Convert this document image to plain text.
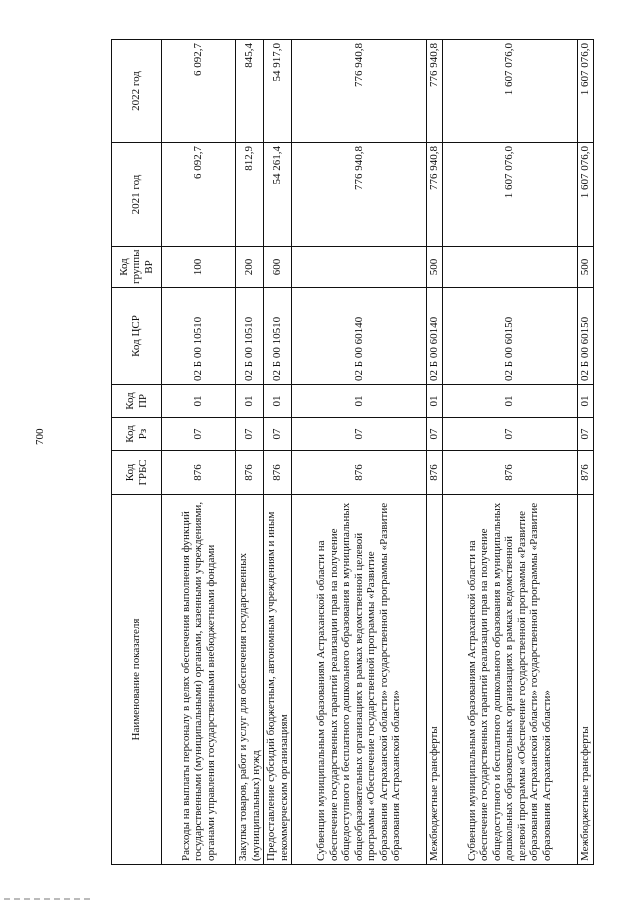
700
Наименование показателя	Код ГРБС	Код Рз	Код ПР	Код ЦСР	Код группы ВР	2021 год	2022 год
Расходы на выплаты персоналу в целях обеспечения выполнения функций государственными (муниципальными) органами, казенными учреждениями, органами управления государственными внебюджетными фондами	876	07	01	02 Б 00 10510	100	6 092,7	6 092,7
Закупка товаров, работ и услуг для обеспечения государственных (муниципальных) нужд	876	07	01	02 Б 00 10510	200	812,9	845,4
Предоставление субсидий бюджетным, автономным учреждениям и иным некоммерческим организациям	876	07	01	02 Б 00 10510	600	54 261,4	54 917,0
Субвенции муниципальным образованиям Астраханской области на обеспечение государственных гарантий реализации прав на получение общедоступного и бесплатного дошкольного образования в муниципальных общеобразовательных организациях в рамках ведомственной целевой программы «Обеспечение государственной программы «Развитие образования Астраханской области» государственной программы «Развитие образования Астраханской области»	876	07	01	02 Б 00 60140		776 940,8	776 940,8
Межбюджетные трансферты	876	07	01	02 Б 00 60140	500	776 940,8	776 940,8
Субвенции муниципальным образованиям Астраханской области на обеспечение государственных гарантий реализации прав на получение общедоступного и бесплатного дошкольного образования в муниципальных дошкольных образовательных организациях в рамках ведомственной целевой программы «Обеспечение государственной программы «Развитие образования Астраханской области» государственной программы «Развитие образования Астраханской области»	876	07	01	02 Б 00 60150		1 607 076,0	1 607 076,0
Межбюджетные трансферты	876	07	01	02 Б 00 60150	500	1 607 076,0	1 607 076,0
